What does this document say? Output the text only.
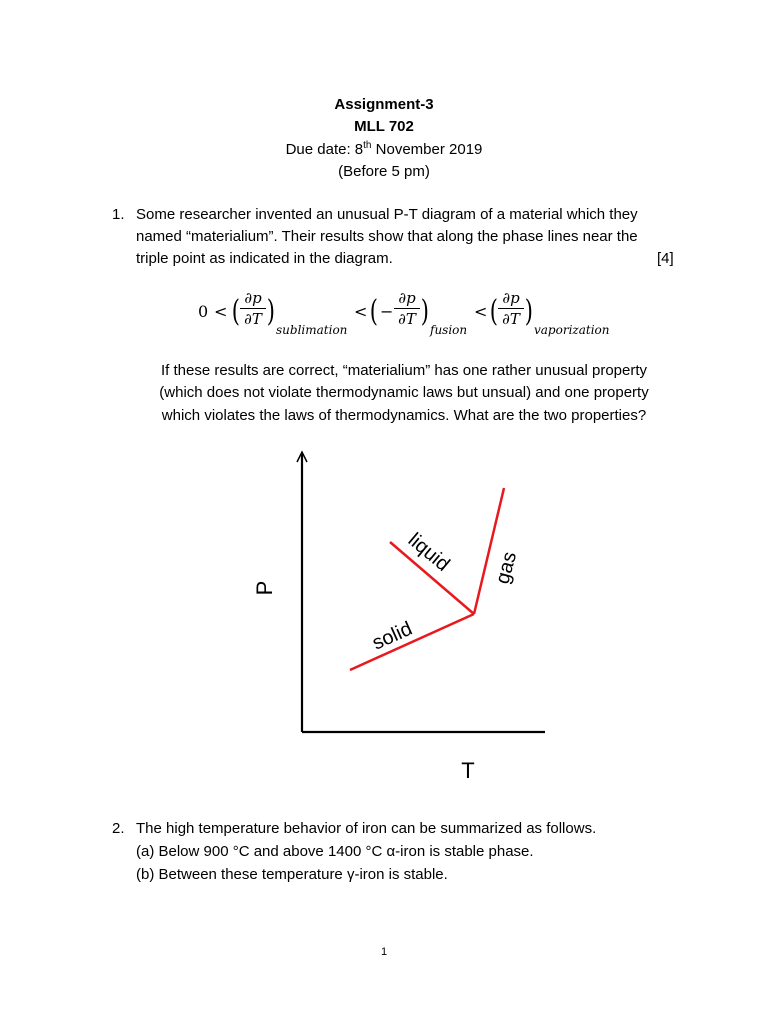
Assignment-3
MLL 702
Due date: 8th November 2019
(Before 5 pm)
1. Some researcher invented an unusual P-T diagram of a material which they
named “materialium”. Their results show that along the phase lines near the
triple point as indicated in the diagram.	[4]
0 < ( ∂p
∂T )
sublimation
< ( −
∂p
∂T )
fusion
< ( ∂p
∂T )
vaporization
If these results are correct, “materialium” has one rather unusual property
(which does not violate thermodynamic laws but unsual) and one property
which violates the laws of thermodynamics. What are the two properties?
P
T
solid
liquid gas
2. The high temperature behavior of iron can be summarized as follows.
(a) Below 900 °C and above 1400 °C α-iron is stable phase.
(b) Between these temperature γ-iron is stable.
1
